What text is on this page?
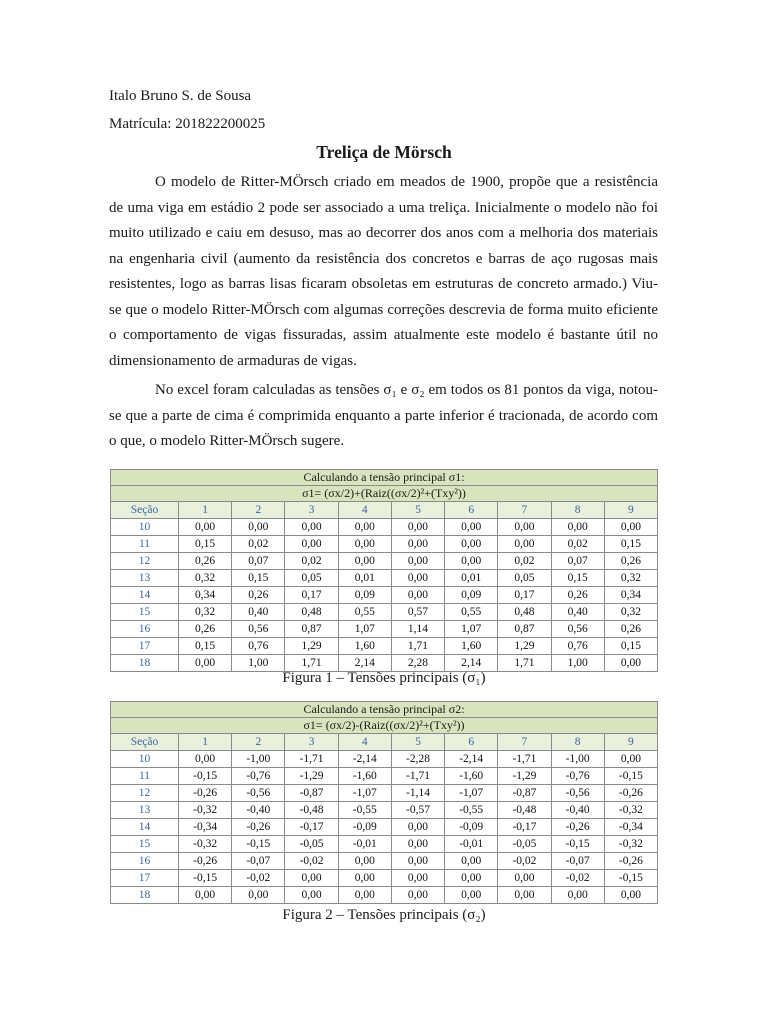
Italo Bruno S. de Sousa
Matrícula: 201822200025
Treliça de Mörsch

O modelo de Ritter-MÖrsch criado em meados de 1900, propõe que a resistência de uma viga em estádio 2 pode ser associado a uma treliça. Inicialmente o modelo não foi muito utilizado e caiu em desuso, mas ao decorrer dos anos com a melhoria dos materiais na engenharia civil (aumento da resistência dos concretos e barras de aço rugosas mais resistentes, logo as barras lisas ficaram obsoletas em estruturas de concreto armado.) Viu-se que o modelo Ritter-MÖrsch com algumas correções descrevia de forma muito eficiente o comportamento de vigas fissuradas, assim atualmente este modelo é bastante útil no dimensionamento de armaduras de vigas.

No excel foram calculadas as tensões σ₁ e σ₂ em todos os 81 pontos da viga, notou-se que a parte de cima é comprimida enquanto a parte inferior é tracionada, de acordo com o que, o modelo Ritter-MÖrsch sugere.

Calculando a tensão principal σ1:									
σ1= (σx/2)+(Raiz((σx/2)²+(Txy²))									
Seção	1	2	3	4	5	6	7	8	9
10	0,00	0,00	0,00	0,00	0,00	0,00	0,00	0,00	0,00
11	0,15	0,02	0,00	0,00	0,00	0,00	0,00	0,02	0,15
12	0,26	0,07	0,02	0,00	0,00	0,00	0,02	0,07	0,26
13	0,32	0,15	0,05	0,01	0,00	0,01	0,05	0,15	0,32
14	0,34	0,26	0,17	0,09	0,00	0,09	0,17	0,26	0,34
15	0,32	0,40	0,48	0,55	0,57	0,55	0,48	0,40	0,32
16	0,26	0,56	0,87	1,07	1,14	1,07	0,87	0,56	0,26
17	0,15	0,76	1,29	1,60	1,71	1,60	1,29	0,76	0,15
18	0,00	1,00	1,71	2,14	2,28	2,14	1,71	1,00	0,00
Figura 1 – Tensões principais (σ₁)
Calculando a tensão principal σ2:									
σ1= (σx/2)-(Raiz((σx/2)²+(Txy²))									
Seção	1	2	3	4	5	6	7	8	9
10	0,00	-1,00	-1,71	-2,14	-2,28	-2,14	-1,71	-1,00	0,00
11	-0,15	-0,76	-1,29	-1,60	-1,71	-1,60	-1,29	-0,76	-0,15
12	-0,26	-0,56	-0,87	-1,07	-1,14	-1,07	-0,87	-0,56	-0,26
13	-0,32	-0,40	-0,48	-0,55	-0,57	-0,55	-0,48	-0,40	-0,32
14	-0,34	-0,26	-0,17	-0,09	0,00	-0,09	-0,17	-0,26	-0,34
15	-0,32	-0,15	-0,05	-0,01	0,00	-0,01	-0,05	-0,15	-0,32
16	-0,26	-0,07	-0,02	0,00	0,00	0,00	-0,02	-0,07	-0,26
17	-0,15	-0,02	0,00	0,00	0,00	0,00	0,00	-0,02	-0,15
18	0,00	0,00	0,00	0,00	0,00	0,00	0,00	0,00	0,00
Figura 2 – Tensões principais (σ₂)
